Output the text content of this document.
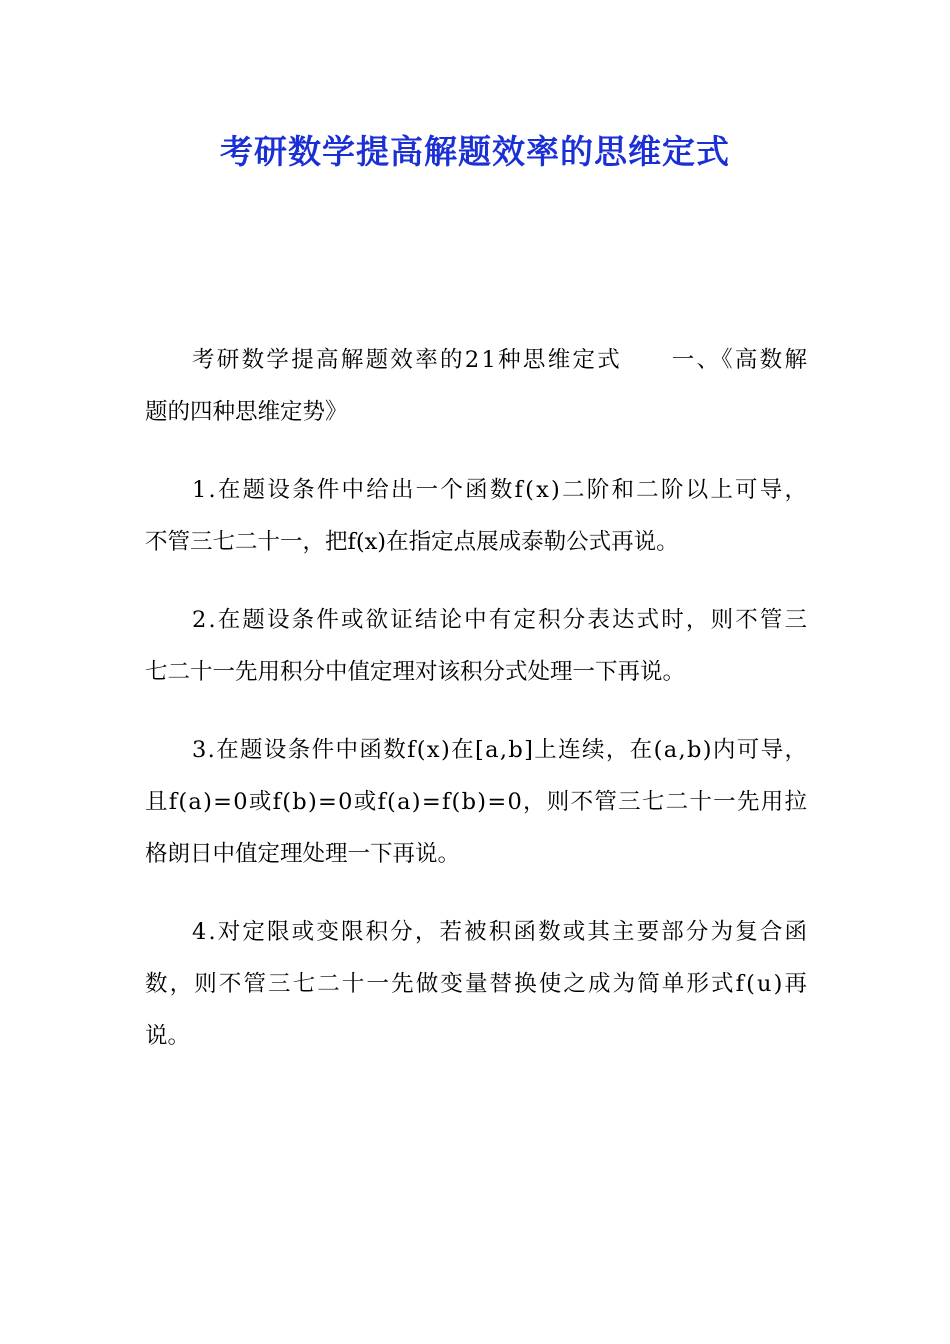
考研数学提高解题效率的思维定式
考研数学提高解题效率的21种思维定式　　一、《高数解
题的四种思维定势》
1.在题设条件中给出一个函数f(x)二阶和二阶以上可导，
不管三七二十一，把f(x)在指定点展成泰勒公式再说。
2.在题设条件或欲证结论中有定积分表达式时，则不管三
七二十一先用积分中值定理对该积分式处理一下再说。
3.在题设条件中函数f(x)在[a,b]上连续，在(a,b)内可导，
且f(a)=0或f(b)=0或f(a)=f(b)=0，则不管三七二十一先用拉
格朗日中值定理处理一下再说。
4.对定限或变限积分，若被积函数或其主要部分为复合函
数，则不管三七二十一先做变量替换使之成为简单形式f(u)再
说。
